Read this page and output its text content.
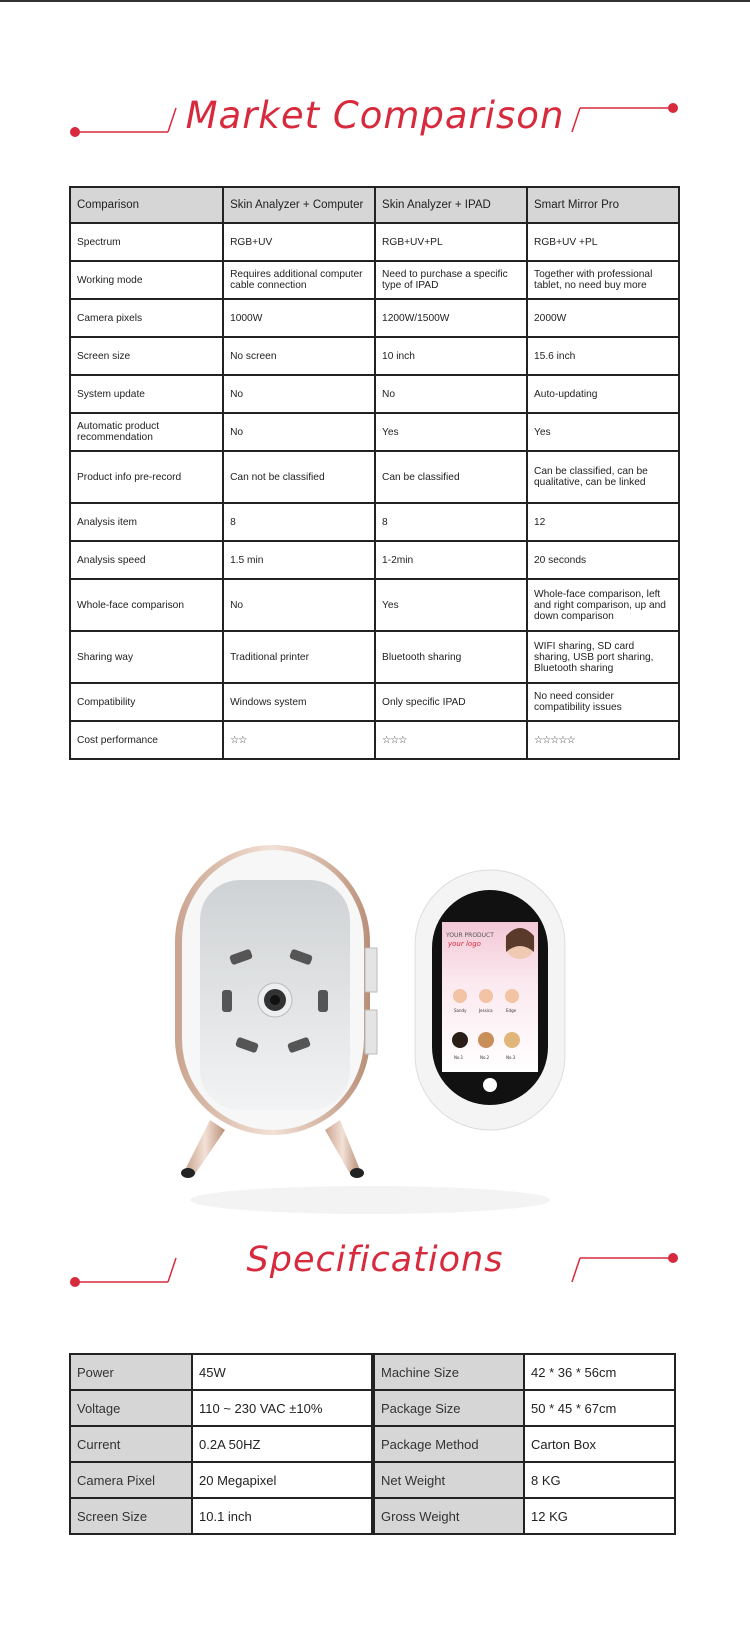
Market Comparison
Comparison	Skin Analyzer + Computer	Skin Analyzer + IPAD	Smart Mirror Pro
Spectrum	RGB+UV	RGB+UV+PL	RGB+UV +PL
Working mode	Requires additional computer cable connection	Need to purchase a specific type of IPAD	Together with professional tablet, no need buy more
Camera pixels	1000W	1200W/1500W	2000W
Screen size	No screen	10 inch	15.6 inch
System update	No	No	Auto-updating
Automatic product recommendation	No	Yes	Yes
Product info pre-record	Can not be classified	Can be classified	Can be classified, can be qualitative, can be linked
Analysis item	8	8	12
Analysis speed	1.5 min	1-2min	20 seconds
Whole-face comparison	No	Yes	Whole-face comparison, left and right comparison, up and down comparison
Sharing way	Traditional printer	Bluetooth sharing	WIFI sharing, SD card sharing, USB port sharing, Bluetooth sharing
Compatibility	Windows system	Only specific IPAD	No need consider compatibility issues
Cost performance	☆☆	☆☆☆	☆☆☆☆☆
YOUR PRODUCT
your logo
Sandy	Jessica	Edge
No.1	No.2	No.3
Specifications
Power	45W		Machine Size	42 * 36 * 56cm
Voltage	110 ~ 230 VAC ±10%		Package Size	50 * 45 * 67cm
Current	0.2A 50HZ		Package Method	Carton Box
Camera Pixel	20 Megapixel		Net Weight	8 KG
Screen Size	10.1 inch		Gross Weight	12 KG
